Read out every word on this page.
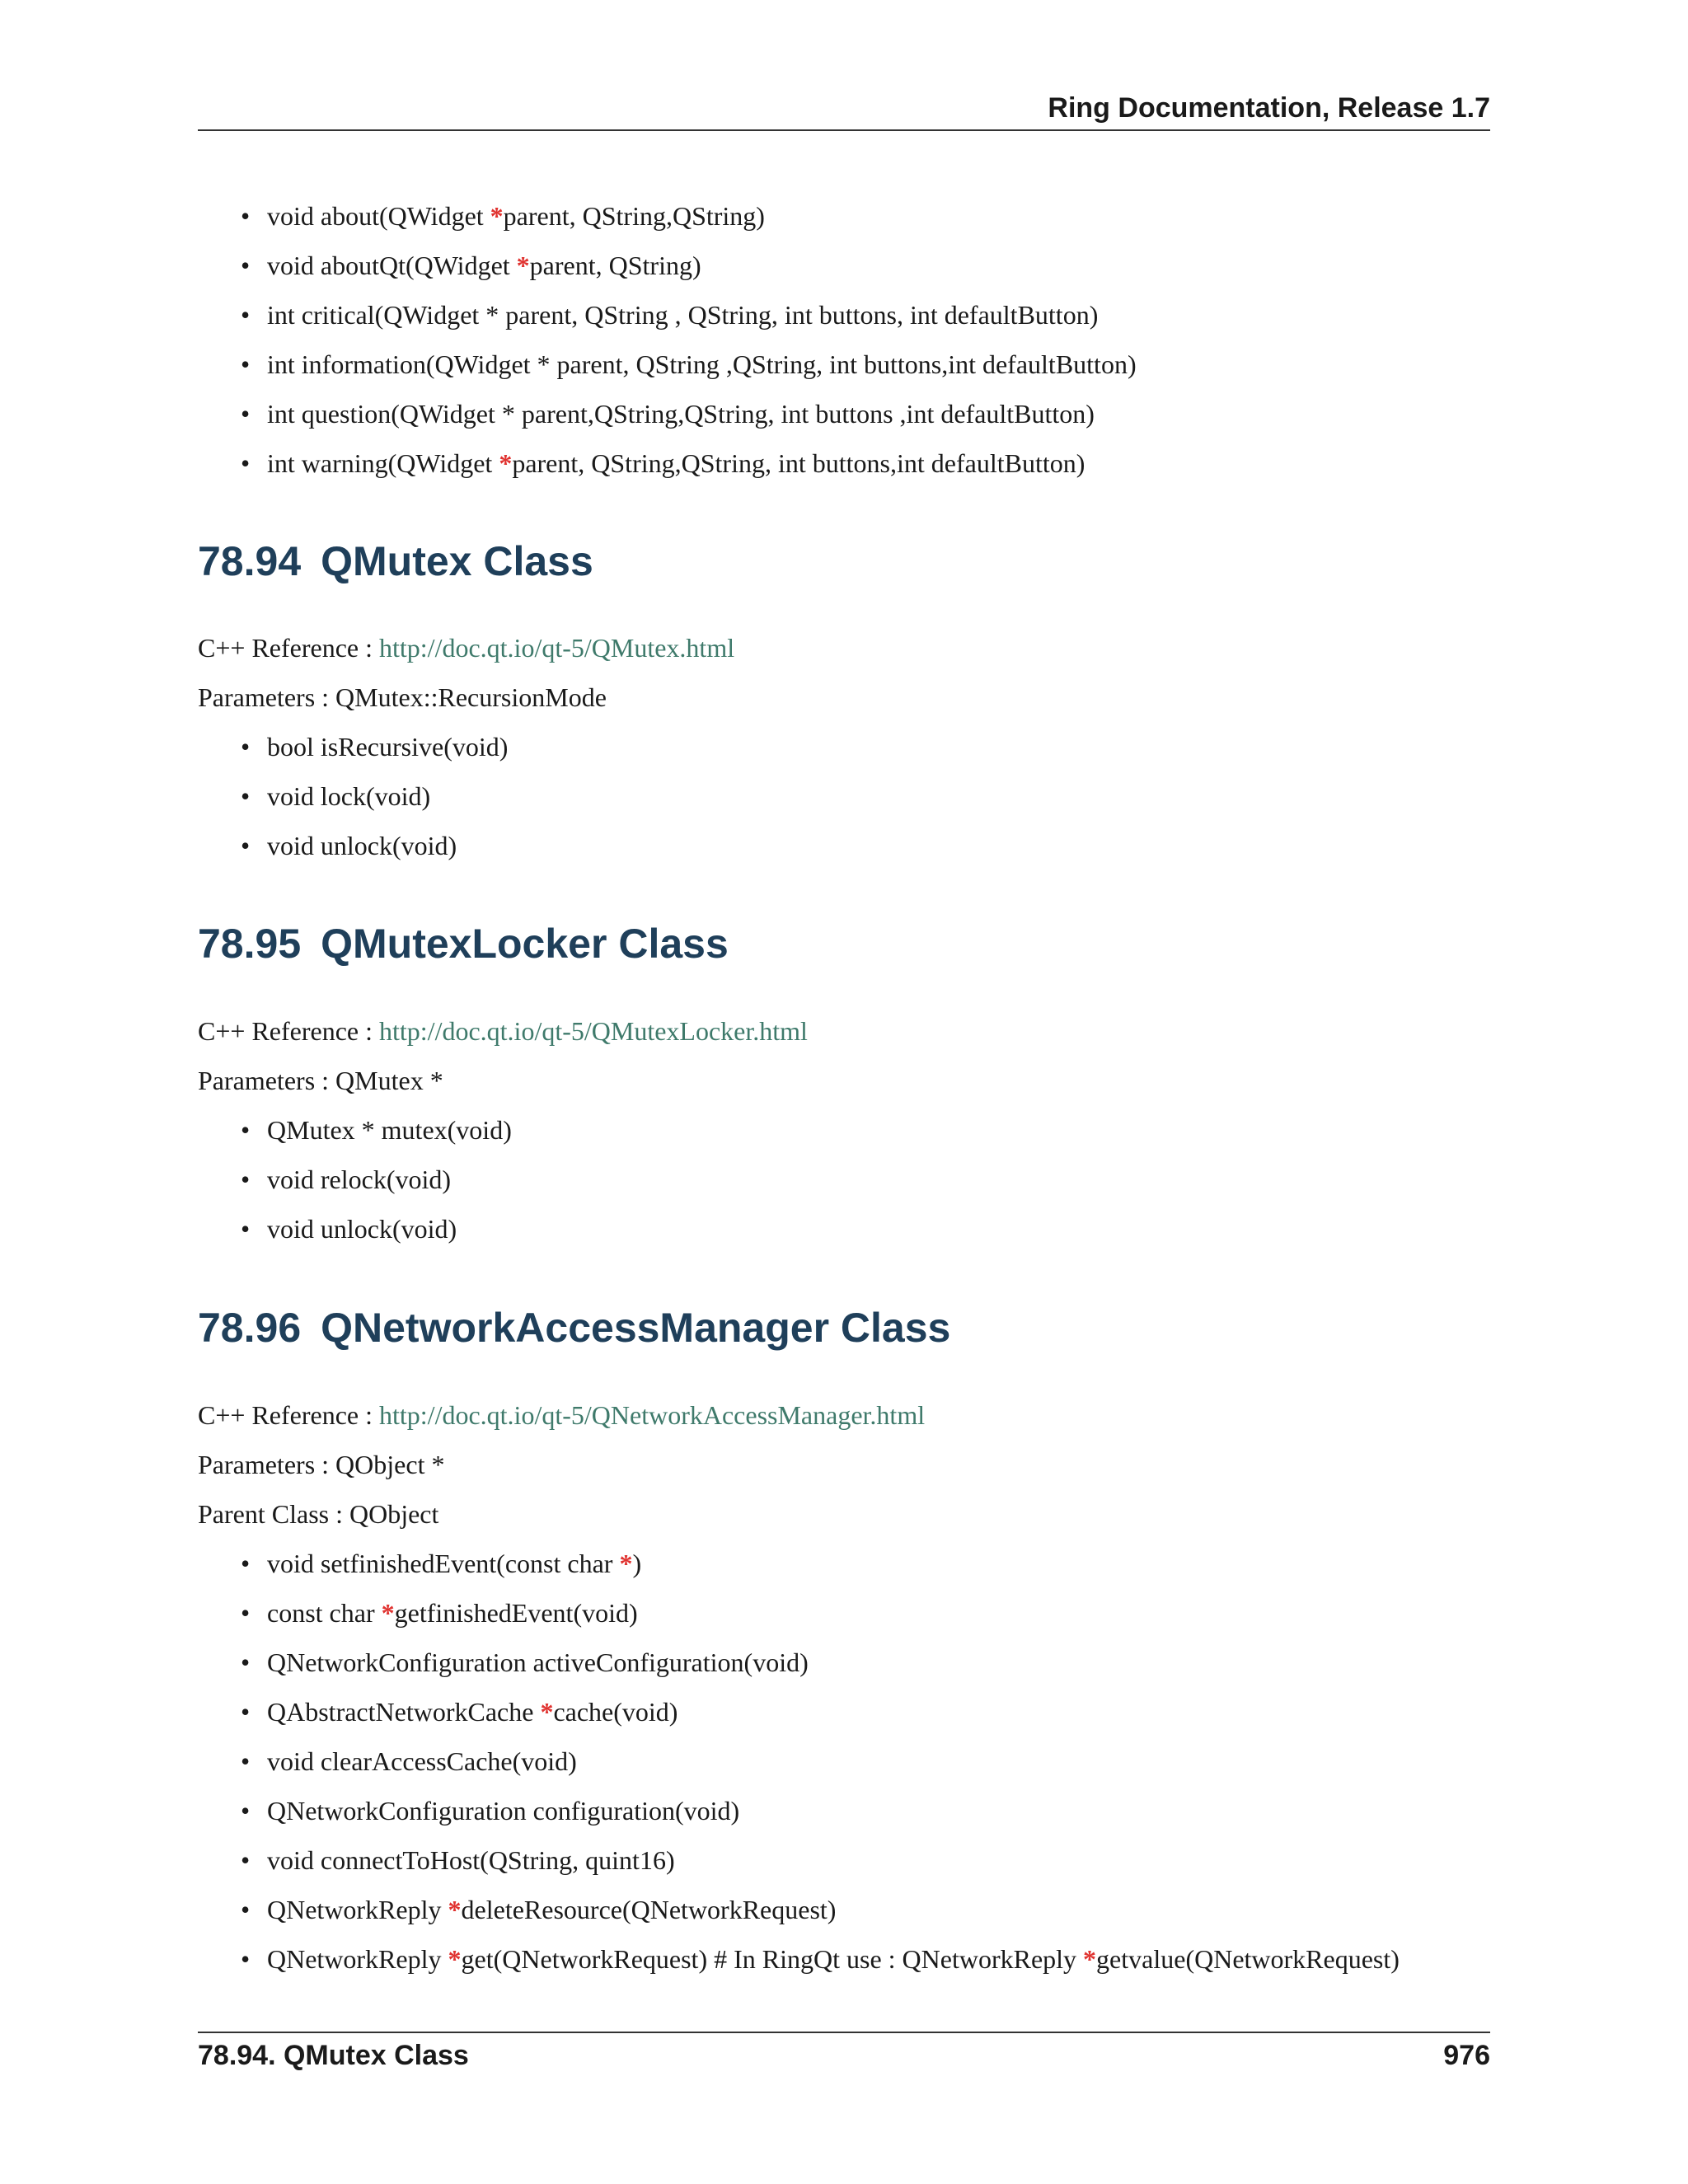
Ring Documentation, Release 1.7
• void about(QWidget *parent, QString,QString)
• void aboutQt(QWidget *parent, QString)
• int critical(QWidget * parent, QString , QString, int buttons, int defaultButton)
• int information(QWidget * parent, QString ,QString, int buttons,int defaultButton)
• int question(QWidget * parent,QString,QString, int buttons ,int defaultButton)
• int warning(QWidget *parent, QString,QString, int buttons,int defaultButton)
78.94 QMutex Class
C++ Reference : http://doc.qt.io/qt-5/QMutex.html
Parameters : QMutex::RecursionMode
• bool isRecursive(void)
• void lock(void)
• void unlock(void)
78.95 QMutexLocker Class
C++ Reference : http://doc.qt.io/qt-5/QMutexLocker.html
Parameters : QMutex *
• QMutex * mutex(void)
• void relock(void)
• void unlock(void)
78.96 QNetworkAccessManager Class
C++ Reference : http://doc.qt.io/qt-5/QNetworkAccessManager.html
Parameters : QObject *
Parent Class : QObject
• void setfinishedEvent(const char *)
• const char *getfinishedEvent(void)
• QNetworkConfiguration activeConfiguration(void)
• QAbstractNetworkCache *cache(void)
• void clearAccessCache(void)
• QNetworkConfiguration configuration(void)
• void connectToHost(QString, quint16)
• QNetworkReply *deleteResource(QNetworkRequest)
• QNetworkReply *get(QNetworkRequest) # In RingQt use : QNetworkReply *getvalue(QNetworkRequest)
78.94. QMutex Class	976
